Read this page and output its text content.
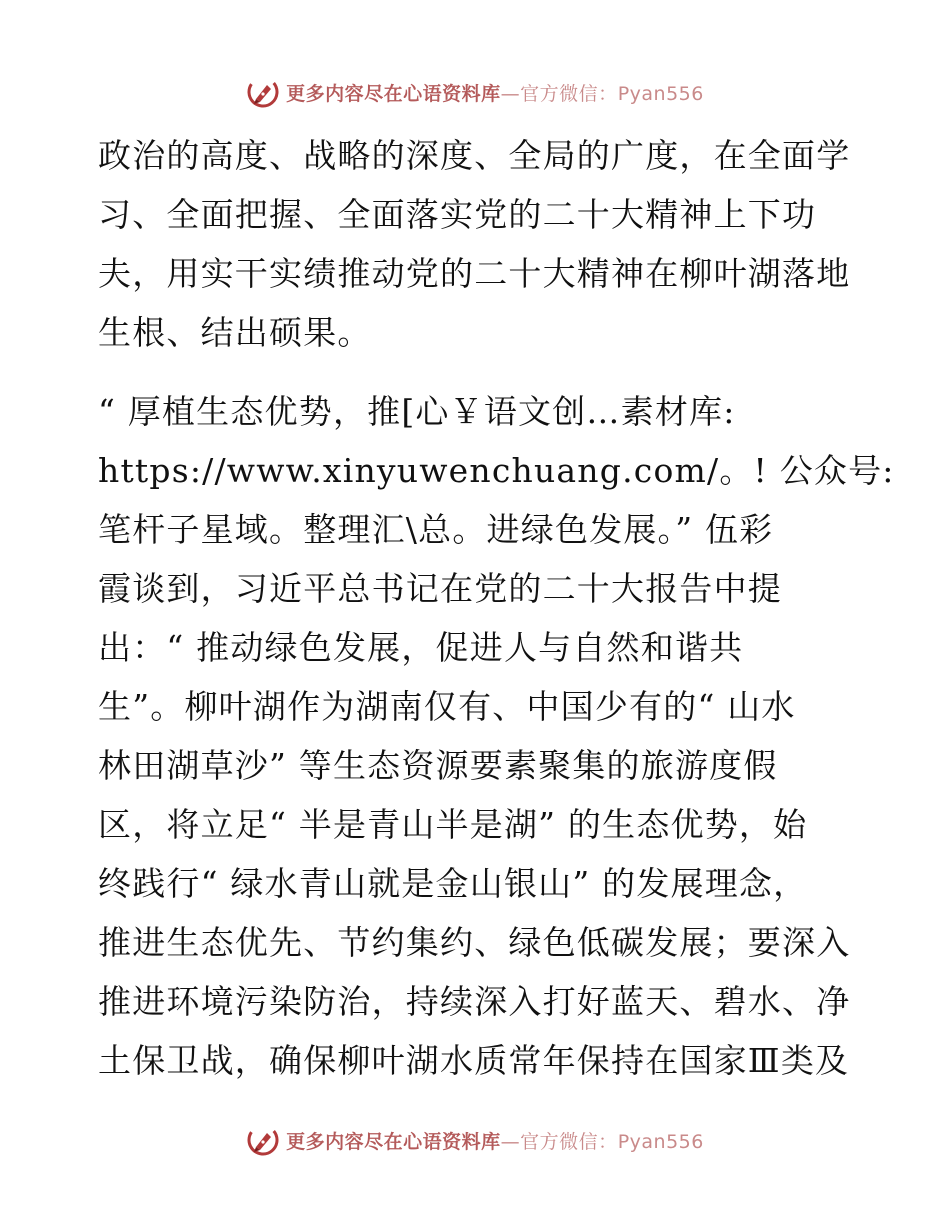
更多内容尽在心语资料库—官方微信：Pyan556
政治的高度、战略的深度、全局的广度，在全面学
习、全面把握、全面落实党的二十大精神上下功
夫，用实干实绩推动党的二十大精神在柳叶湖落地
生根、结出硕果。
“ 厚植生态优势，推[心￥语文创…素材库:
https://www.xinyuwenchuang.com/。! 公众号:
笔杆子星域。整理汇\总。进绿色发展。” 伍彩
霞谈到，习近平总书记在党的二十大报告中提
出：“ 推动绿色发展，促进人与自然和谐共
生”。柳叶湖作为湖南仅有、中国少有的“ 山水
林田湖草沙” 等生态资源要素聚集的旅游度假
区，将立足“ 半是青山半是湖” 的生态优势，始
终践行“ 绿水青山就是金山银山” 的发展理念，
推进生态优先、节约集约、绿色低碳发展；要深入
推进环境污染防治，持续深入打好蓝天、碧水、净
土保卫战，确保柳叶湖水质常年保持在国家Ⅲ类及
更多内容尽在心语资料库—官方微信：Pyan556
